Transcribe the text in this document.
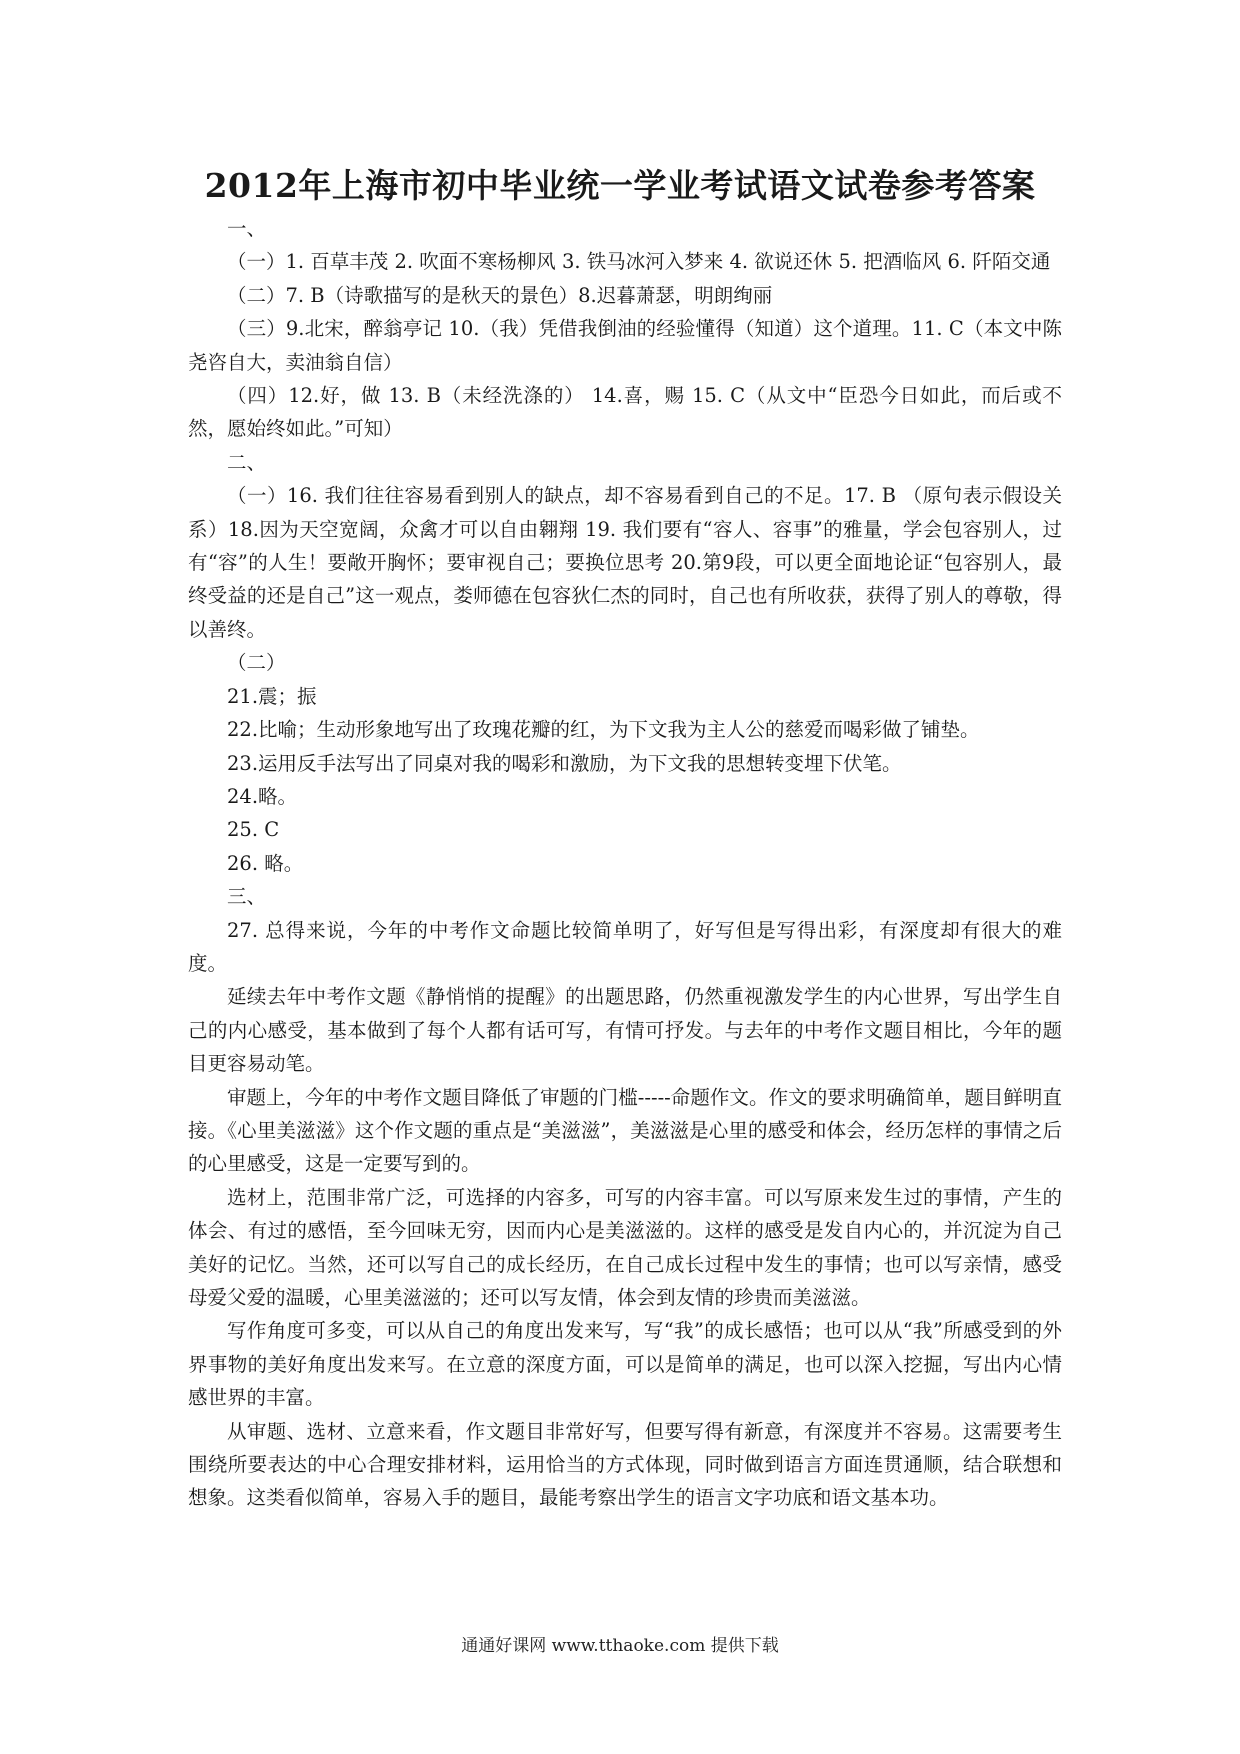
2012年上海市初中毕业统一学业考试语文试卷参考答案

一、

（一）1. 百草丰茂 2. 吹面不寒杨柳风 3. 铁马冰河入梦来 4. 欲说还休 5. 把酒临风 6. 阡陌交通

（二）7. B（诗歌描写的是秋天的景色）8.迟暮萧瑟，明朗绚丽

（三）9.北宋，醉翁亭记 10.（我）凭借我倒油的经验懂得（知道）这个道理。11. C（本文中陈尧咨自大，卖油翁自信）

（四）12.好，做 13. B（未经洗涤的） 14.喜，赐 15. C（从文中“臣恐今日如此，而后或不然，愿始终如此。”可知）

二、

（一）16. 我们往往容易看到别人的缺点，却不容易看到自己的不足。17. B （原句表示假设关系）18.因为天空宽阔，众禽才可以自由翱翔 19. 我们要有“容人、容事”的雅量，学会包容别人，过有“容”的人生！要敞开胸怀；要审视自己；要换位思考 20.第9段，可以更全面地论证“包容别人，最终受益的还是自己”这一观点，娄师德在包容狄仁杰的同时，自己也有所收获，获得了别人的尊敬，得以善终。

（二）

21.震；振

22.比喻；生动形象地写出了玫瑰花瓣的红，为下文我为主人公的慈爱而喝彩做了铺垫。

23.运用反手法写出了同桌对我的喝彩和激励，为下文我的思想转变埋下伏笔。

24.略。

25. C

26. 略。

三、

27. 总得来说，今年的中考作文命题比较简单明了，好写但是写得出彩，有深度却有很大的难度。

延续去年中考作文题《静悄悄的提醒》的出题思路，仍然重视激发学生的内心世界，写出学生自己的内心感受，基本做到了每个人都有话可写，有情可抒发。与去年的中考作文题目相比，今年的题目更容易动笔。

审题上，今年的中考作文题目降低了审题的门槛-----命题作文。作文的要求明确简单，题目鲜明直接。《心里美滋滋》这个作文题的重点是“美滋滋”，美滋滋是心里的感受和体会，经历怎样的事情之后的心里感受，这是一定要写到的。

选材上，范围非常广泛，可选择的内容多，可写的内容丰富。可以写原来发生过的事情，产生的体会、有过的感悟，至今回味无穷，因而内心是美滋滋的。这样的感受是发自内心的，并沉淀为自己美好的记忆。当然，还可以写自己的成长经历，在自己成长过程中发生的事情；也可以写亲情，感受母爱父爱的温暖，心里美滋滋的；还可以写友情，体会到友情的珍贵而美滋滋。

写作角度可多变，可以从自己的角度出发来写，写“我”的成长感悟；也可以从“我”所感受到的外界事物的美好角度出发来写。在立意的深度方面，可以是简单的满足，也可以深入挖掘，写出内心情感世界的丰富。

从审题、选材、立意来看，作文题目非常好写，但要写得有新意，有深度并不容易。这需要考生围绕所要表达的中心合理安排材料，运用恰当的方式体现，同时做到语言方面连贯通顺，结合联想和想象。这类看似简单，容易入手的题目，最能考察出学生的语言文字功底和语文基本功。

通通好课网 www.tthaoke.com 提供下载
